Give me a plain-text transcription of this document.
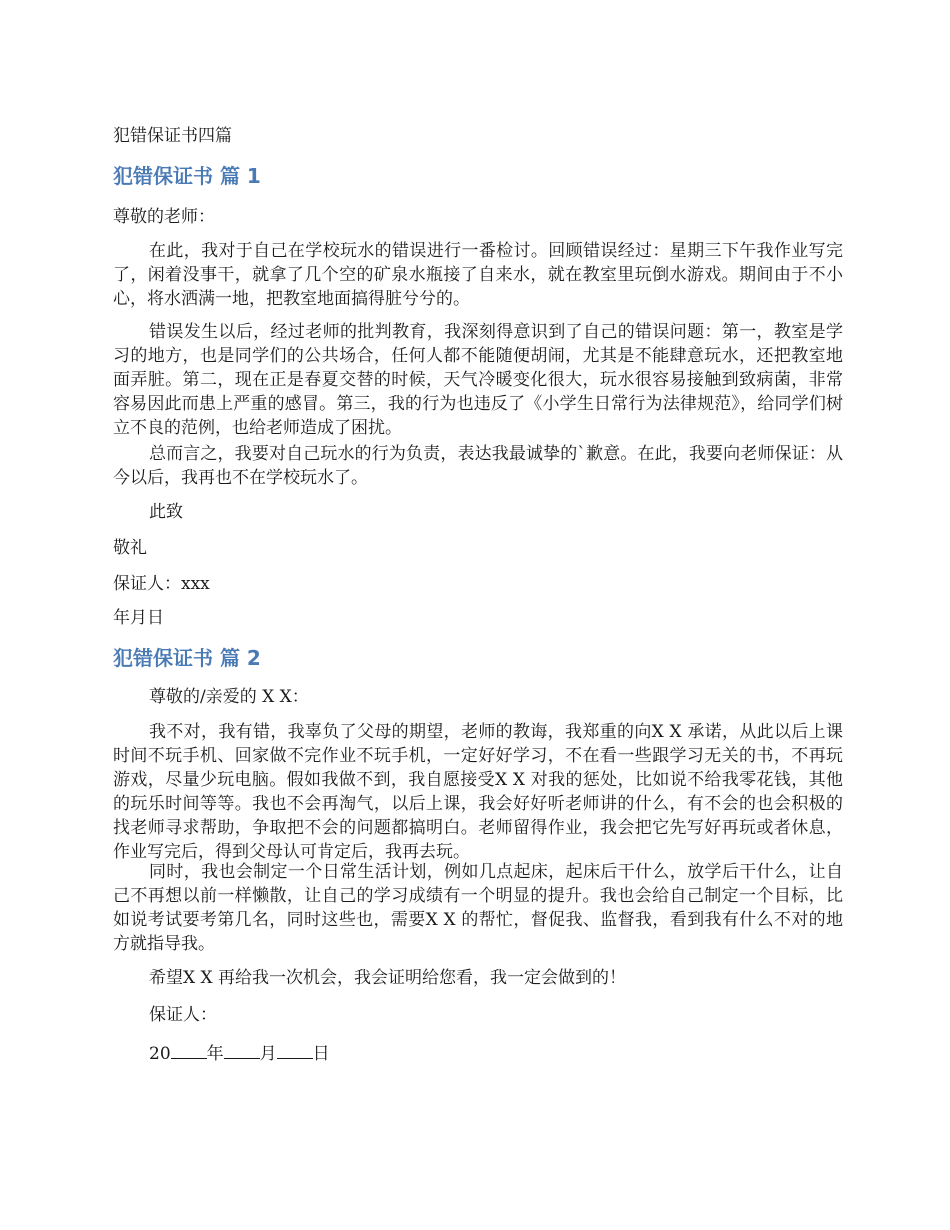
犯错保证书四篇
犯错保证书 篇 1
尊敬的老师：
在此，我对于自己在学校玩水的错误进行一番检讨。回顾错误经过：星期三下午我作业写完了，闲着没事干，就拿了几个空的矿泉水瓶接了自来水，就在教室里玩倒水游戏。期间由于不小心，将水洒满一地，把教室地面搞得脏兮兮的。
错误发生以后，经过老师的批判教育，我深刻得意识到了自己的错误问题：第一，教室是学习的地方，也是同学们的公共场合，任何人都不能随便胡闹，尤其是不能肆意玩水，还把教室地面弄脏。第二，现在正是春夏交替的时候，天气冷暖变化很大，玩水很容易接触到致病菌，非常容易因此而患上严重的感冒。第三，我的行为也违反了《小学生日常行为法律规范》，给同学们树立不良的范例，也给老师造成了困扰。
总而言之，我要对自己玩水的行为负责，表达我最诚挚的`歉意。在此，我要向老师保证：从今以后，我再也不在学校玩水了。
此致
敬礼
保证人：xxx
年月日
犯错保证书 篇 2
尊敬的/亲爱的 X X：
我不对，我有错，我辜负了父母的期望，老师的教诲，我郑重的向X X 承诺，从此以后上课时间不玩手机、回家做不完作业不玩手机，一定好好学习，不在看一些跟学习无关的书，不再玩游戏，尽量少玩电脑。假如我做不到，我自愿接受X X 对我的惩处，比如说不给我零花钱，其他的玩乐时间等等。我也不会再淘气，以后上课，我会好好听老师讲的什么，有不会的也会积极的找老师寻求帮助，争取把不会的问题都搞明白。老师留得作业，我会把它先写好再玩或者休息，作业写完后，得到父母认可肯定后，我再去玩。
同时，我也会制定一个日常生活计划，例如几点起床，起床后干什么，放学后干什么，让自己不再想以前一样懒散，让自己的学习成绩有一个明显的提升。我也会给自己制定一个目标，比如说考试要考第几名，同时这些也，需要X X 的帮忙，督促我、监督我，看到我有什么不对的地方就指导我。
希望X X 再给我一次机会，我会证明给您看，我一定会做到的！
保证人：
20 年 月 日
